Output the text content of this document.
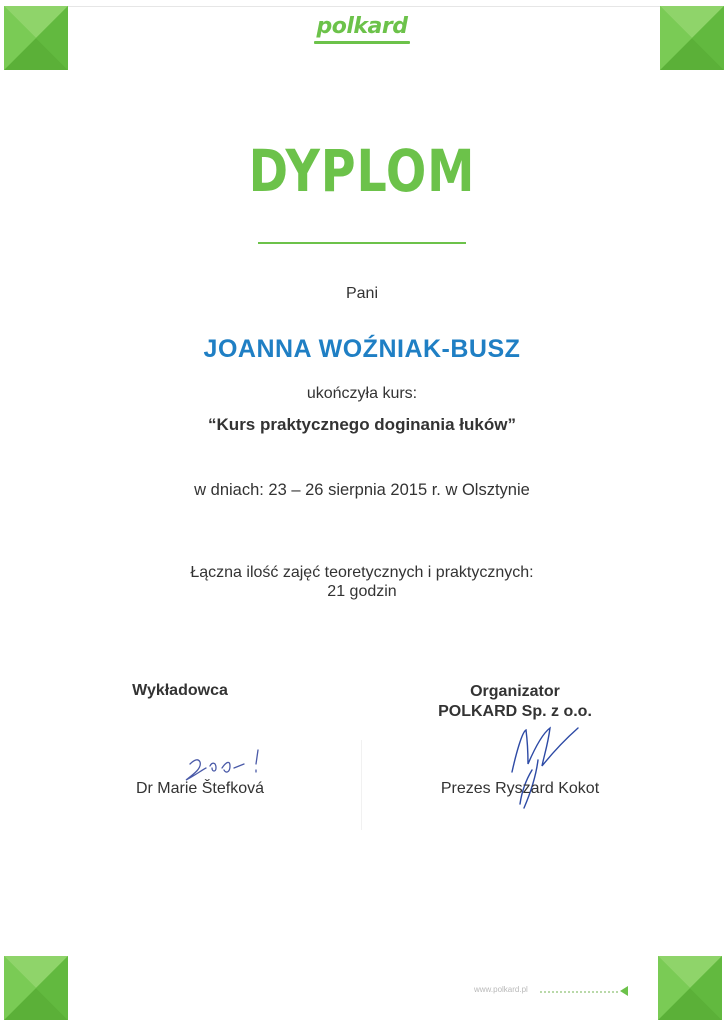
polkard
DYPLOM
Pani
JOANNA WOŹNIAK-BUSZ
ukończyła kurs:
“Kurs praktycznego doginania łuków”
w dniach: 23 – 26 sierpnia 2015 r. w Olsztynie
Łączna ilość zajęć teoretycznych i praktycznych:
21 godzin
Wykładowca	Organizator
POLKARD Sp. z o.o.
Dr Marie Štefková	Prezes Ryszard Kokot
www.polkard.pl
